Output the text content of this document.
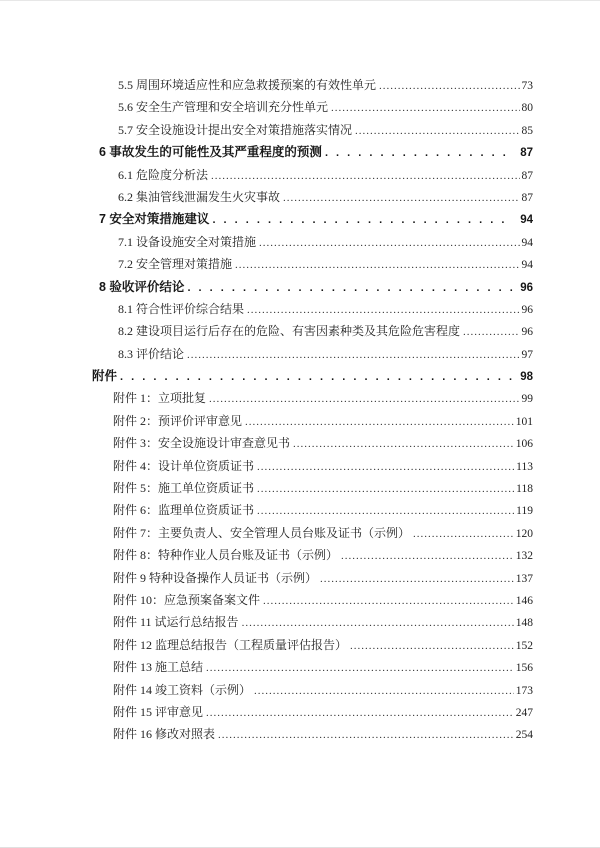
5.5 周围环境适应性和应急救援预案的有效性单元 .....	73
5.6 安全生产管理和安全培训充分性单元 .....	80
5.7 安全设施设计提出安全对策措施落实情况 .....	85
6 事故发生的可能性及其严重程度的预测 . . .	87
6.1 危险度分析法 .....	87
6.2 集油管线泄漏发生火灾事故 .....	87
7 安全对策措施建议 . . .	94
7.1 设备设施安全对策措施 .....	94
7.2 安全管理对策措施 .....	94
8 验收评价结论 . . .	96
8.1 符合性评价综合结果 .....	96
8.2 建设项目运行后存在的危险、有害因素种类及其危险危害程度 .....	96
8.3 评价结论 .....	97
附件 . . .	98
附件 1：立项批复 .....	99
附件 2：预评价评审意见 .....	101
附件 3：安全设施设计审查意见书 .....	106
附件 4：设计单位资质证书 .....	113
附件 5：施工单位资质证书 .....	118
附件 6：监理单位资质证书 .....	119
附件 7：主要负责人、安全管理人员台账及证书（示例） .....	120
附件 8：特种作业人员台账及证书（示例） .....	132
附件 9 特种设备操作人员证书（示例） .....	137
附件 10：应急预案备案文件 .....	146
附件 11 试运行总结报告 .....	148
附件 12 监理总结报告（工程质量评估报告） .....	152
附件 13 施工总结 .....	156
附件 14 竣工资料（示例） .....	173
附件 15 评审意见 .....	247
附件 16 修改对照表 .....	254
